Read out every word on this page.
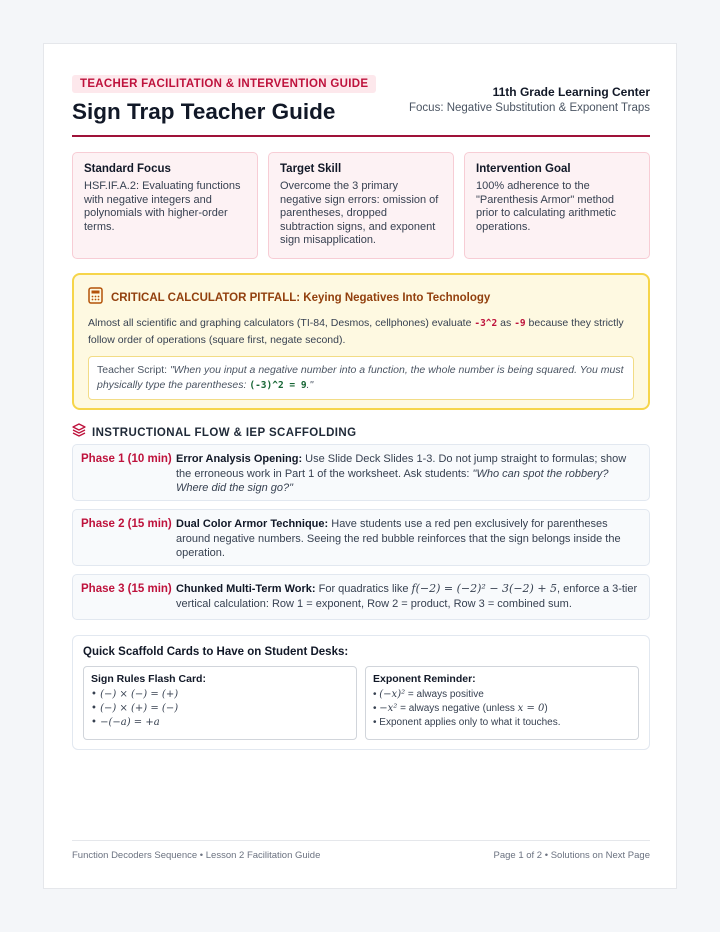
TEACHER FACILITATION & INTERVENTION GUIDE
Sign Trap Teacher Guide
11th Grade Learning Center
Focus: Negative Substitution & Exponent Traps
Standard Focus
HSF.IF.A.2: Evaluating functions with negative integers and polynomials with higher-order terms.
Target Skill
Overcome the 3 primary negative sign errors: omission of parentheses, dropped subtraction signs, and exponent sign misapplication.
Intervention Goal
100% adherence to the "Parenthesis Armor" method prior to calculating arithmetic operations.
CRITICAL CALCULATOR PITFALL: Keying Negatives Into Technology
Almost all scientific and graphing calculators (TI-84, Desmos, cellphones) evaluate -3^2 as -9 because they strictly follow order of operations (square first, negate second).
Teacher Script: "When you input a negative number into a function, the whole number is being squared. You must physically type the parentheses: (-3)^2 = 9."
INSTRUCTIONAL FLOW & IEP SCAFFOLDING
Phase 1 (10 min) Error Analysis Opening: Use Slide Deck Slides 1-3. Do not jump straight to formulas; show the erroneous work in Part 1 of the worksheet. Ask students: "Who can spot the robbery? Where did the sign go?"
Phase 2 (15 min) Dual Color Armor Technique: Have students use a red pen exclusively for parentheses around negative numbers. Seeing the red bubble reinforces that the sign belongs inside the operation.
Phase 3 (15 min) Chunked Multi-Term Work: For quadratics like f(−2) = (−2)² − 3(−2) + 5, enforce a 3-tier vertical calculation: Row 1 = exponent, Row 2 = product, Row 3 = combined sum.
Quick Scaffold Cards to Have on Student Desks:
Sign Rules Flash Card:
• (−) × (−) = (+)
• (−) × (+) = (−)
• −(−a) = +a
Exponent Reminder:
• (−x)² = always positive
• −x² = always negative (unless x = 0)
• Exponent applies only to what it touches.
Function Decoders Sequence • Lesson 2 Facilitation Guide	Page 1 of 2 • Solutions on Next Page
